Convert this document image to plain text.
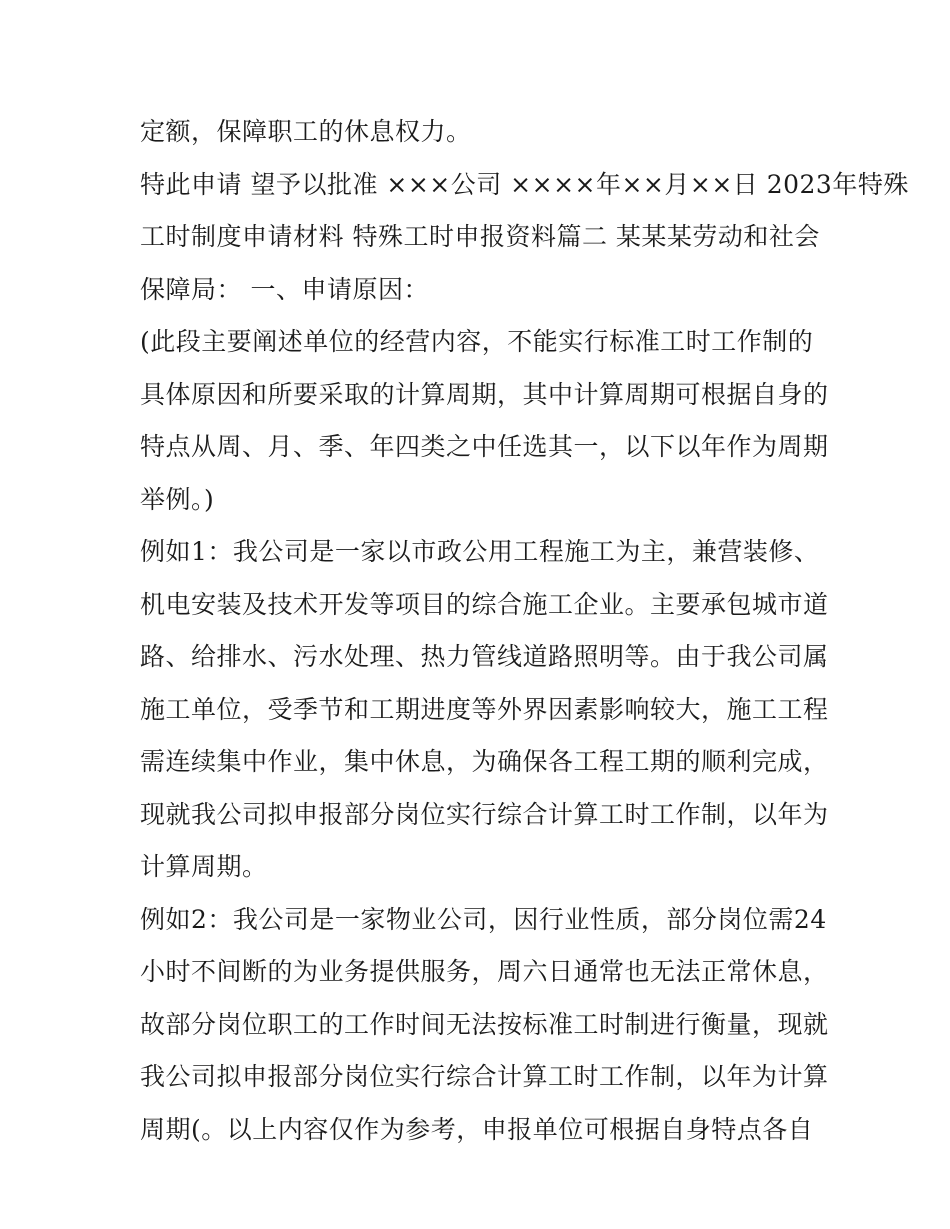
定额，保障职工的休息权力。
特此申请 望予以批准 ×××公司 ××××年××月××日 2023年特殊
工时制度申请材料 特殊工时申报资料篇二 某某某劳动和社会
保障局： 一、申请原因：
(此段主要阐述单位的经营内容，不能实行标准工时工作制的
具体原因和所要采取的计算周期，其中计算周期可根据自身的
特点从周、月、季、年四类之中任选其一，以下以年作为周期
举例。)
例如1：我公司是一家以市政公用工程施工为主，兼营装修、
机电安装及技术开发等项目的综合施工企业。主要承包城市道
路、给排水、污水处理、热力管线道路照明等。由于我公司属
施工单位，受季节和工期进度等外界因素影响较大，施工工程
需连续集中作业，集中休息，为确保各工程工期的顺利完成，
现就我公司拟申报部分岗位实行综合计算工时工作制，以年为
计算周期。
例如2：我公司是一家物业公司，因行业性质，部分岗位需24
小时不间断的为业务提供服务，周六日通常也无法正常休息，
故部分岗位职工的工作时间无法按标准工时制进行衡量，现就
我公司拟申报部分岗位实行综合计算工时工作制，以年为计算
周期(。以上内容仅作为参考，申报单位可根据自身特点各自
